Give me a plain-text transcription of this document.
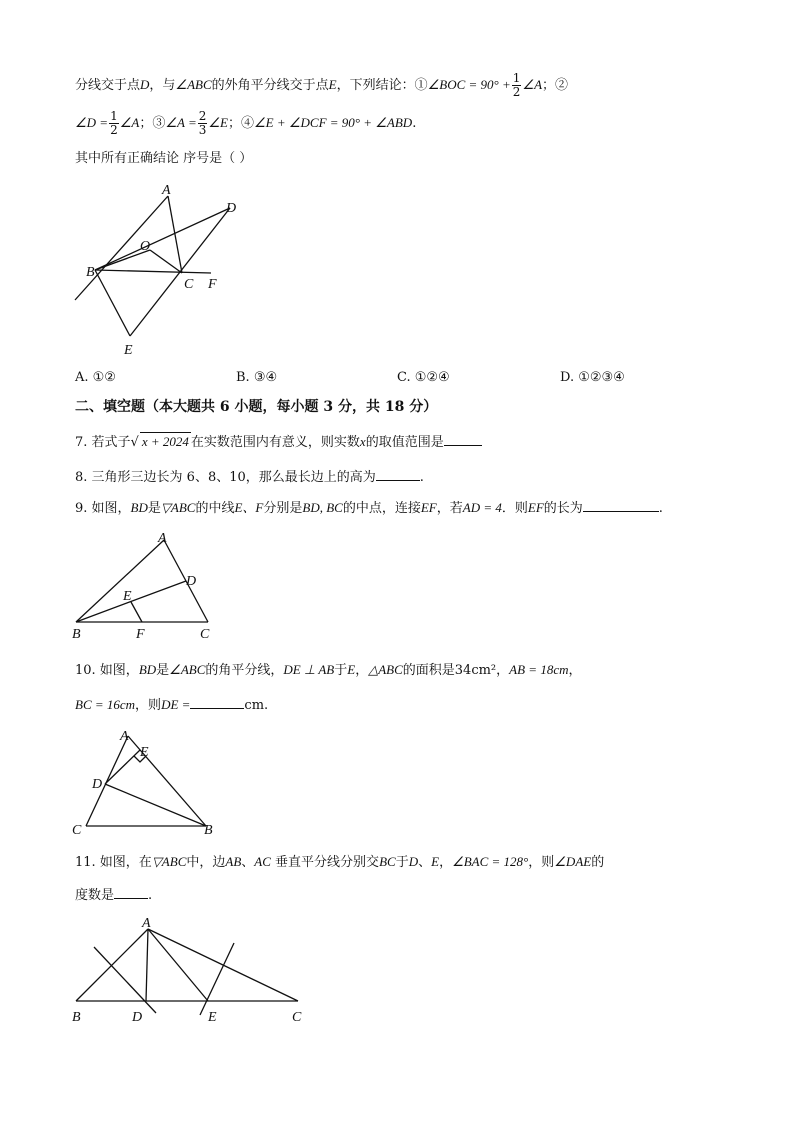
分线交于点D，与∠ABC的外角平分线交于点E，下列结论：①∠BOC = $90^\circ + \frac{1}{2}$ ∠A；②
∠D = $\frac{1}{2}$ ∠A；③∠A = $\frac{2}{3}$ ∠E；④∠E + ∠DCF = 90° + ∠ABD.
其中所有正确结论 序号是（ ）
A
D
O
B
C F
E
A. ①②	B. ③④	C. ①②④	D. ①②③④
二、填空题（本大题共 6 小题，每小题 3 分，共 18 分）
7. 若式子√ x + 2024 在实数范围内有意义，则实数x的取值范围是
8. 三角形三边长为 6、8、10，那么最长边上的高为	.
9. 如图，BD是▽ABC的中线E、F分别是BD, BC的中点，连接EF，若AD = 4．则EF的长为	.
A
D
E
B	F	C
10. 如图，BD是∠ABC的角平分线，DE ⊥ AB于E，△ABC的面积是34cm²，AB = 18cm，
BC = 16cm，则DE =	cm.
A
E
D
C	B
11. 如图，在▽ABC中，边AB、AC 垂直平分线分别交BC于D、E，∠BAC = 128°，则∠DAE的
度数是	.
A
B	D	E	C
